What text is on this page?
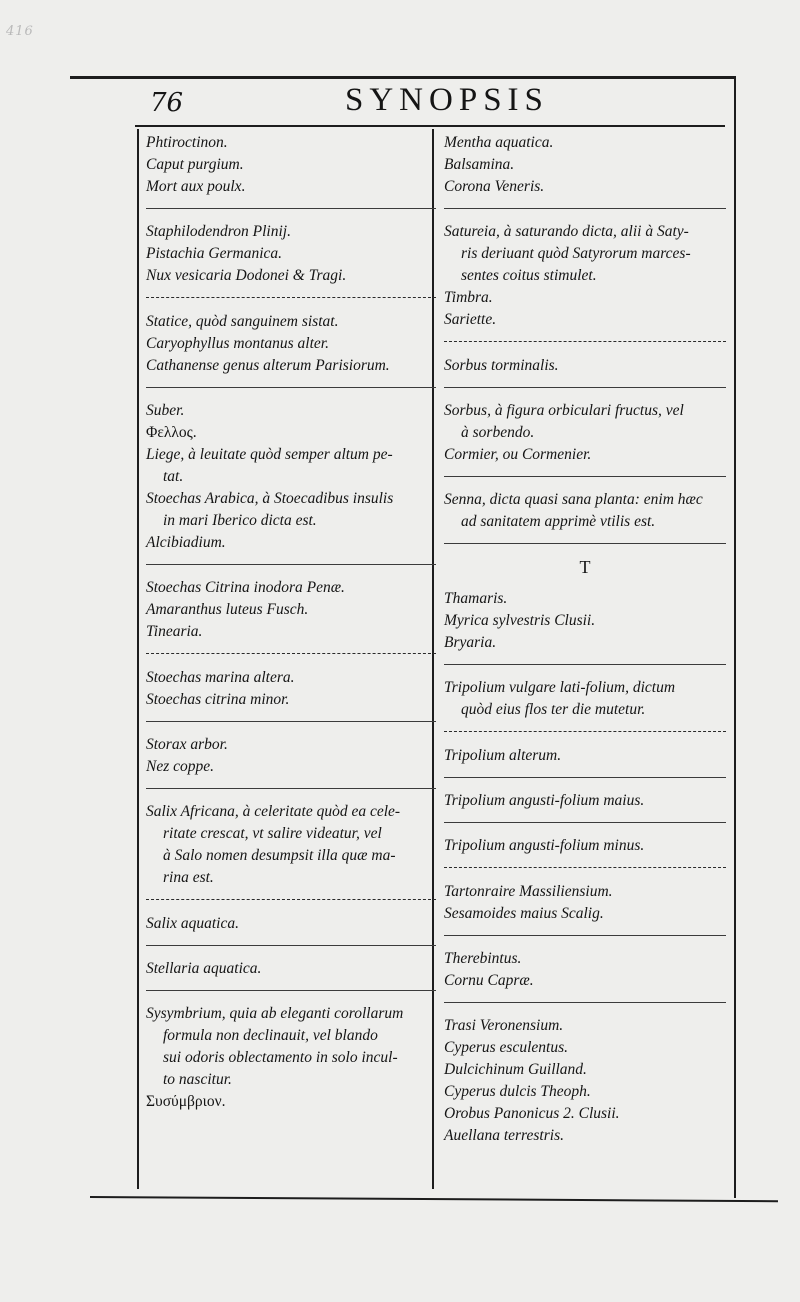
416
76	SYNOPSIS

Phtiroctinon.

Caput purgium.

Mort aux poulx.

Staphilodendron Plinij.

Pistachia Germanica.

Nux vesicaria Dodonei & Tragi.

Statice, quòd sanguinem sistat.

Caryophyllus montanus alter.

Cathanense genus alterum Parisiorum.

Suber.

Φελλος.

Liege, à leuitate quòd semper altum pe-

tat.

Stoechas Arabica, à Stoecadibus insulis

in mari Iberico dicta est.

Alcibiadium.

Stoechas Citrina inodora Penæ.

Amaranthus luteus Fusch.

Tinearia.

Stoechas marina altera.

Stoechas citrina minor.

Storax arbor.

Nez coppe.

Salix Africana, à celeritate quòd ea cele-

ritate crescat, vt salire videatur, vel

à Salo nomen desumpsit illa quæ ma-

rina est.

Salix aquatica.

Stellaria aquatica.

Sysymbrium, quia ab eleganti corollarum

formula non declinauit, vel blando

sui odoris oblectamento in solo incul-

to nascitur.

Συσύμβριον.

Mentha aquatica.

Balsamina.

Corona Veneris.

Satureia, à saturando dicta, alii à Saty-

ris deriuant quòd Satyrorum marces-

sentes coitus stimulet.

Timbra.

Sariette.

Sorbus torminalis.

Sorbus, à figura orbiculari fructus, vel

à sorbendo.

Cormier, ou Cormenier.

Senna, dicta quasi sana planta: enim hæc

ad sanitatem apprimè vtilis est.

T

Thamaris.

Myrica sylvestris Clusii.

Bryaria.

Tripolium vulgare lati-folium, dictum

quòd eius flos ter die mutetur.

Tripolium alterum.

Tripolium angusti-folium maius.

Tripolium angusti-folium minus.

Tartonraire Massiliensium.

Sesamoides maius Scalig.

Therebintus.

Cornu Capræ.

Trasi Veronensium.

Cyperus esculentus.

Dulcichinum Guilland.

Cyperus dulcis Theoph.

Orobus Panonicus 2. Clusii.

Auellana terrestris.
